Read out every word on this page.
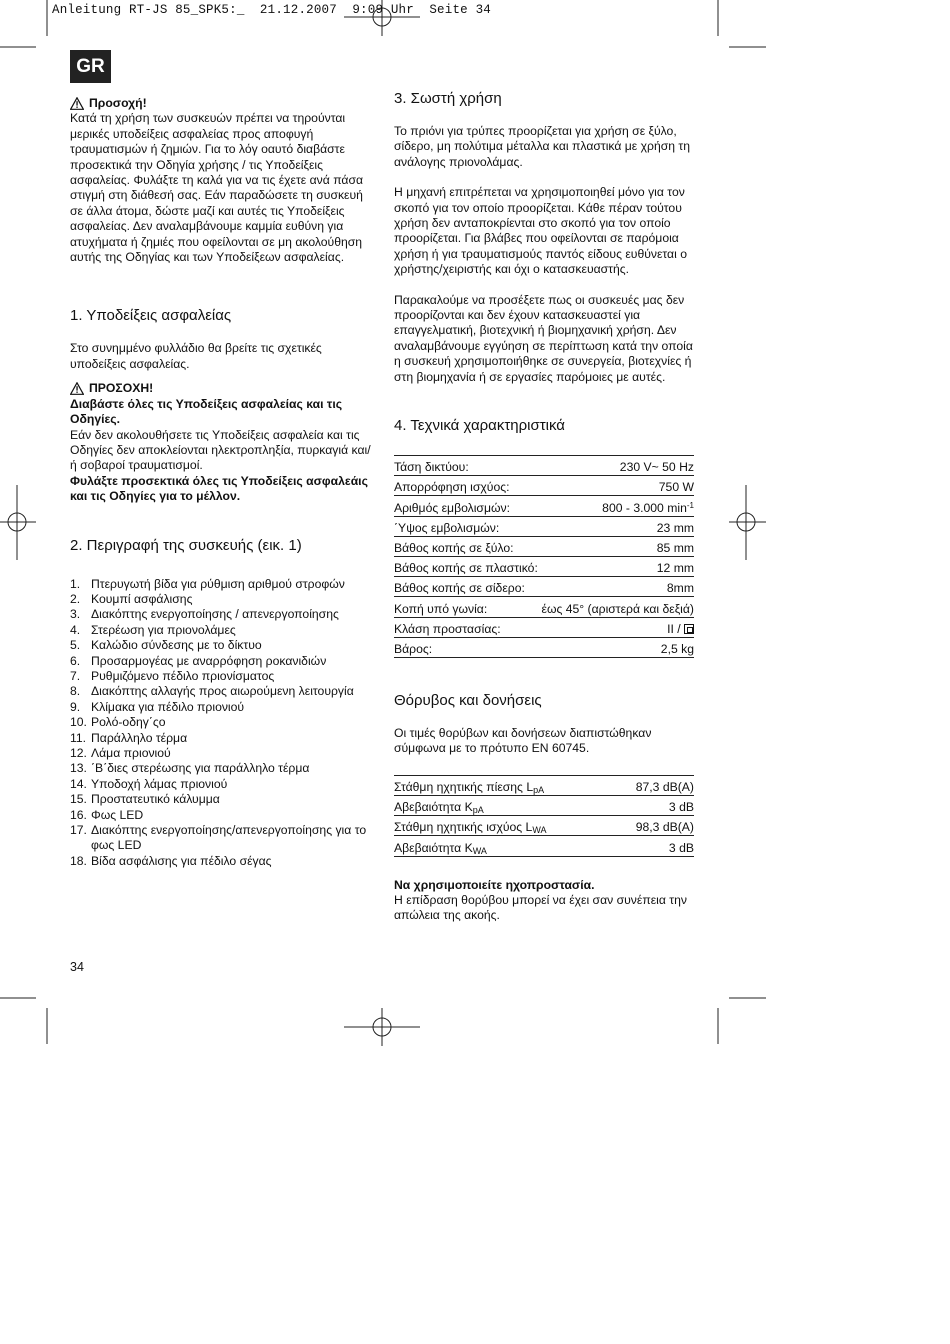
Anleitung RT-JS 85_SPK5:_  21.12.2007  9:09 Uhr  Seite 34
GR
Προσοχή!

Κατά τη χρήση των συσκευών πρέπει να τηρoύνται μερικές υποδείξεις ασφαλείας προς αποφυγή τραυματισμών ή ζημιών. Για το λόγ oαυτό διαβάστε προσεκτικά την Οδηγία χρήσης / τις Υποδείξεις ασφαλείας. Φυλάξτε τη καλά για να τις έχετε ανά πάσα στιγμή στη διάθεσή σας. Εάν παραδώσετε τη συσκευή σε άλλα άτομα, δώστε μαζί και αυτές τις Υποδείξεις ασφαλείας. Δεν αναλαμβάνουμε καμμία ευθύνη για ατυχήματα ή ζημιές που οφείλονται σε μη ακολούθηση αυτής της Οδηγίας και των Υποδείξεων ασφαλείας.

1. Υποδείξεις ασφαλείας

Στο συνημμένο φυλλάδιο θα βρείτε τις σχετικές υποδείξεις ασφαλείας.

ΠΡΟΣΟΧΗ!

Διαβάστε όλες τις Υποδείξεις ασφαλείας και τις Οδηγίες.

Εάν δεν ακολουθήσετε τις Υποδείξεις ασφαλεία και τις Οδηγίες δεν αποκλείονται ηλεκτροπληξία, πυρκαγιά και/ή σοβαροί τραυματισμοί.

Φυλάξτε προσεκτικά όλες τις Υποδείξεις ασφαλεάις και τις Οδηγίες για το μέλλον.

2. Περιγραφή της συσκευής (εικ. 1)
1. Πτερυγωτή βίδα για ρύθμιση αριθμού στροφών
2. Κουμπί ασφάλισης
3. Διακόπτης ενεργοποίησης / απενεργοποίησης
4. Στερέωση για πριονολάμες
5. Καλώδιο σύνδεσης με το δίκτυο
6. Προσαρμογέας με αναρρόφηση ροκανιδιών
7. Ρυθμιζόμενο πέδιλο πριονίσματος
8. Διακόπτης αλλαγής προς αιωρούμενη λειτουργία
9. Κλίμακα για πέδιλο πριονιού
10. Ρολό-οδηγ΄ςο
11. Παράλληλο τέρμα
12. Λάμα πριονιού
13. ΄Β΄διες στερέωσης για παράλληλο τέρμα
14. Υποδοχή λάμας πριονιού
15. Προστατευτικό κάλυμμα
16. Φως LED
17. Διακόπτης ενεργοποίησης/απενεργοποίησης για το φως LED
18. Βίδα ασφάλισης για πέδιλο σέγας
3. Σωστή χρήση

Το πριόνι για τρύπες προορίζεται για χρήση σε ξύλο, σίδερο, μη πολύτιμα μέταλλα και πλαστικά με χρήση τη ανάλογης πριονολάμας.

Η μηχανή επιτρέπεται να χρησιμοποιηθεί μόνο για τον σκοπό για τον οποίο προορίζεται. Κάθε πέραν τούτου χρήση δεν ανταποκρίενται στο σκοπό για τον οποίο προορίζεται. Για βλάβες που οφείλονται σε παρόμοια χρήση ή για τραυματισμούς παντός είδους ευθύνεται ο χρήστης/χειριστής και όχι ο κατασκευαστής.

Παρακαλούμε να προσέξετε πως οι συσκευές μας δεν προορίζονται και δεν έχουν κατασκευαστεί για επαγγελματική, βιοτεχνική ή βιομηχανική χρήση. Δεν αναλαμβάνουμε εγγύηση σε περίπτωση κατά την οποία η συσκευή χρησιμοποιήθηκε σε συνεργεία, βιοτεχνίες ή στη βιομηχανία ή σε εργασίες παρόμοιες με αυτές.

4. Τεχνικά χαρακτηριστικά
Τάση δικτύου:	230 V~ 50 Hz
Απορρόφηση ισχύος:	750 W
Αριθμός εμβολισμών:	800 - 3.000 $\min^{-1}$
΄Υψος εμβολισμών:	23 mm
Βάθος κοπής σε ξύλο:	85 mm
Βάθος κοπής σε πλαστικό:	12 mm
Βάθος κοπής σε σίδερο:	8mm
Κοπή υπό γωνία:	έως 45° (αριστερά και δεξιά)
Κλάση προστασίας:	II /
Βάρος:	2,5 kg
Θόρυβος και δονήσεις

Οι τιμές θορύβων και δονήσεων διαπιστώθηκαν σύμφωνα με το πρότυπο EN 60745.

Στάθμη ηχητικής πίεσης $L_{pA}$	87,3 dB(A)
Αβεβαιότητα $K_{pA}$	3 dB
Στάθμη ηχητικής ισχύος $L_{WA}$	98,3 dB(A)
Αβεβαιότητα $K_{WA}$	3 dB

Να χρησιμοποιείτε ηχοπροστασία.

Η επίδραση θορύβου μπορεί να έχει σαν συνέπεια την απώλεια της ακοής.

34
